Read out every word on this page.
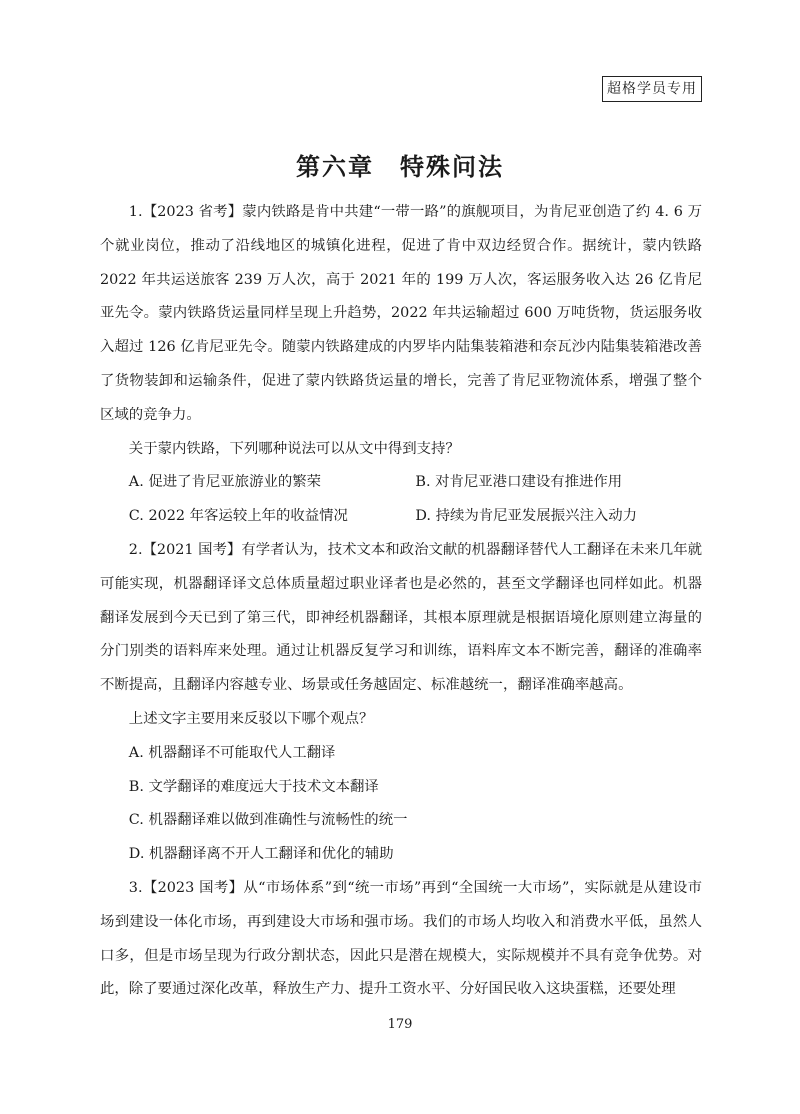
超格学员专用
第六章　特殊问法

1.【2023 省考】蒙内铁路是肯中共建“一带一路”的旗舰项目，为肯尼亚创造了约 4. 6 万个就业岗位，推动了沿线地区的城镇化进程，促进了肯中双边经贸合作。据统计，蒙内铁路 2022 年共运送旅客 239 万人次，高于 2021 年的 199 万人次，客运服务收入达 26 亿肯尼亚先令。蒙内铁路货运量同样呈现上升趋势，2022 年共运输超过 600 万吨货物，货运服务收入超过 126 亿肯尼亚先令。随蒙内铁路建成的内罗毕内陆集装箱港和奈瓦沙内陆集装箱港改善了货物装卸和运输条件，促进了蒙内铁路货运量的增长，完善了肯尼亚物流体系，增强了整个区域的竞争力。

关于蒙内铁路，下列哪种说法可以从文中得到支持？

A. 促进了肯尼亚旅游业的繁荣	B. 对肯尼亚港口建设有推进作用
C. 2022 年客运较上年的收益情况	D. 持续为肯尼亚发展振兴注入动力

2.【2021 国考】有学者认为，技术文本和政治文献的机器翻译替代人工翻译在未来几年就可能实现，机器翻译译文总体质量超过职业译者也是必然的，甚至文学翻译也同样如此。机器翻译发展到今天已到了第三代，即神经机器翻译，其根本原理就是根据语境化原则建立海量的分门别类的语料库来处理。通过让机器反复学习和训练，语料库文本不断完善，翻译的准确率不断提高，且翻译内容越专业、场景或任务越固定、标准越统一，翻译准确率越高。

上述文字主要用来反驳以下哪个观点？

A. 机器翻译不可能取代人工翻译

B. 文学翻译的难度远大于技术文本翻译

C. 机器翻译难以做到准确性与流畅性的统一

D. 机器翻译离不开人工翻译和优化的辅助

3.【2023 国考】从“市场体系”到“统一市场”再到“全国统一大市场”，实际就是从建设市场到建设一体化市场，再到建设大市场和强市场。我们的市场人均收入和消费水平低，虽然人口多，但是市场呈现为行政分割状态，因此只是潜在规模大，实际规模并不具有竞争优势。对此，除了要通过深化改革，释放生产力、提升工资水平、分好国民收入这块蛋糕，还要处理

179
